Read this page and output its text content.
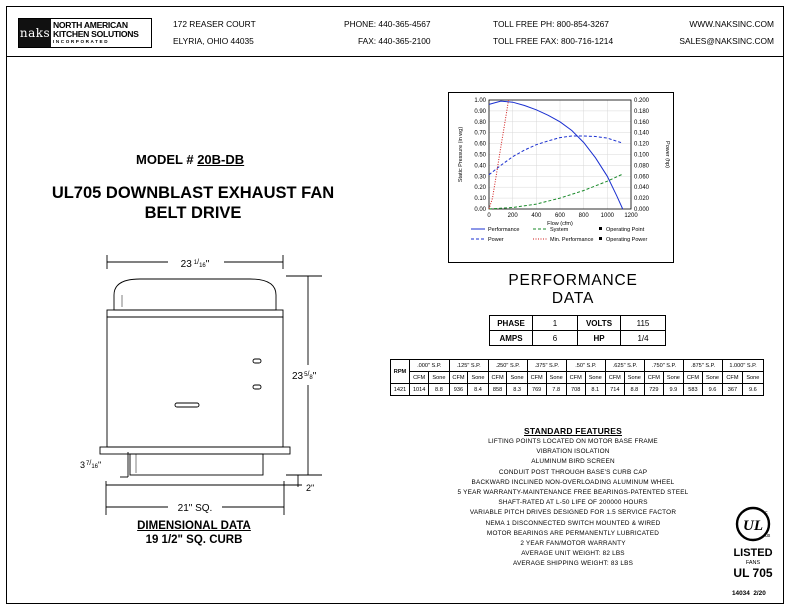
naks
NORTH AMERICAN
KITCHEN SOLUTIONS
INCORPORATED
172 REASER COURT
ELYRIA, OHIO 44035
PHONE: 440-365-4567
FAX: 440-365-2100
TOLL FREE PH: 800-854-3267
TOLL FREE FAX: 800-716-1214
WWW.NAKSINC.COM
SALES@NAKSINC.COM
MODEL # 20B-DB
UL705 DOWNBLAST EXHAUST FAN
BELT DRIVE
23 $^1/_{16}$"
$23^5/_8$"
$3^7/_{16}$"
2"
21" SQ.
DIMENSIONAL DATA
19 1/2" SQ. CURB
0.00
0.10
0.20
0.30
0.40
0.50
0.60
0.70
0.80
0.90
1.00
0.000
0.020
0.040
0.060
0.080
0.100
0.120
0.140
0.160
0.180
0.200
0	200 400 600 800 1000 1200
Flow (cfm)
Static Pressure (in wg)	Power (hp)
Performance
Power
System
Min. Performance
Operating Point
Operating Power
PERFORMANCE
DATA
PHASE	1	VOLTS	115
AMPS	6	HP	1/4
RPM	.000" S.P.		.125" S.P.		.250" S.P.		.375" S.P.		.50" S.P.		.625" S.P.		.750" S.P.		.875" S.P.		1.000" S.P.	
	CFM	Sone	CFM	Sone	CFM	Sone	CFM	Sone	CFM	Sone	CFM	Sone	CFM	Sone	CFM	Sone	CFM	Sone
1421	1014	8.8	936	8.4	858	8.3	769	7.8	708	8.1	714	8.8	729	9.9	583	9.6	367	9.6
STANDARD FEATURES
LIFTING POINTS LOCATED ON MOTOR BASE FRAME
VIBRATION ISOLATION
ALUMINUM BIRD SCREEN
CONDUIT POST THROUGH BASE'S CURB CAP
BACKWARD INCLINED NON-OVERLOADING ALUMINUM WHEEL
5 YEAR WARRANTY-MAINTENANCE FREE BEARINGS-PATENTED STEEL
SHAFT-RATED AT L-50 LIFE OF 200000 HOURS
VARIABLE PITCH DRIVES DESIGNED FOR 1.5 SERVICE FACTOR
NEMA 1 DISCONNECTED SWITCH MOUNTED & WIRED
MOTOR BEARINGS ARE PERMANENTLY LUBRICATED
2 YEAR FAN/MOTOR WARRANTY
AVERAGE UNIT WEIGHT: 82 LBS
AVERAGE SHIPPING WEIGHT: 83 LBS
UL
c
us
LISTED
FANS
UL 705
14034  2/20
